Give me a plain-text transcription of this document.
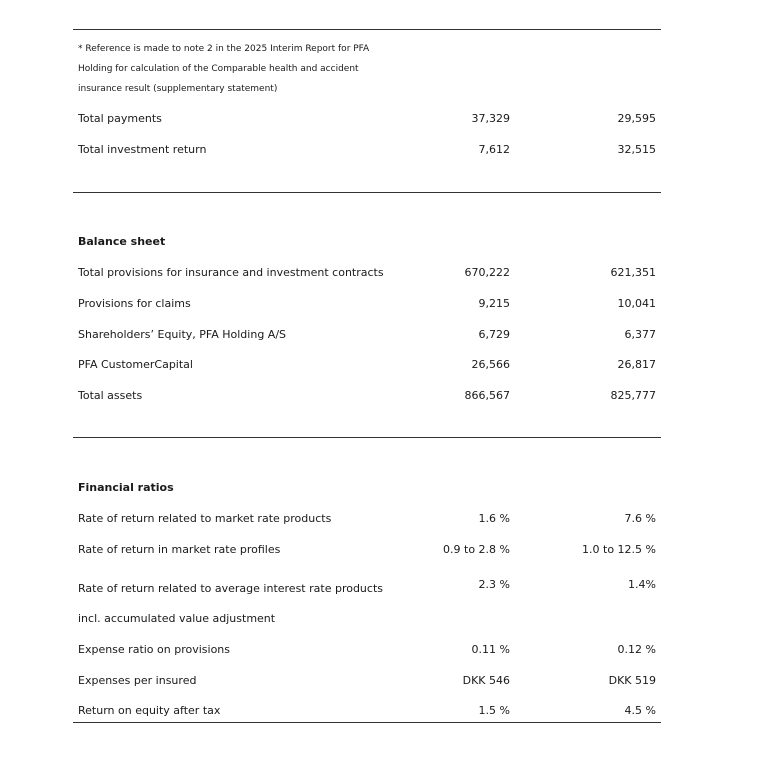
* Reference is made to note 2 in the 2025 Interim Report for PFA
Holding for calculation of the Comparable health and accident
insurance result (supplementary statement)
Total payments	37,329	29,595
Total investment return	7,612	32,515
Balance sheet
Total provisions for insurance and investment contracts	670,222	621,351
Provisions for claims	9,215	10,041
Shareholders’ Equity, PFA Holding A/S	6,729	6,377
PFA CustomerCapital	26,566	26,817
Total assets	866,567	825,777
Financial ratios
Rate of return related to market rate products	1.6 %	7.6 %
Rate of return in market rate profiles	0.9 to 2.8 %	1.0 to 12.5 %
Rate of return related to average interest rate products	2.3 %	1.4%
incl. accumulated value adjustment
Expense ratio on provisions	0.11 %	0.12 %
Expenses per insured	DKK 546	DKK 519
Return on equity after tax	1.5 %	4.5 %
